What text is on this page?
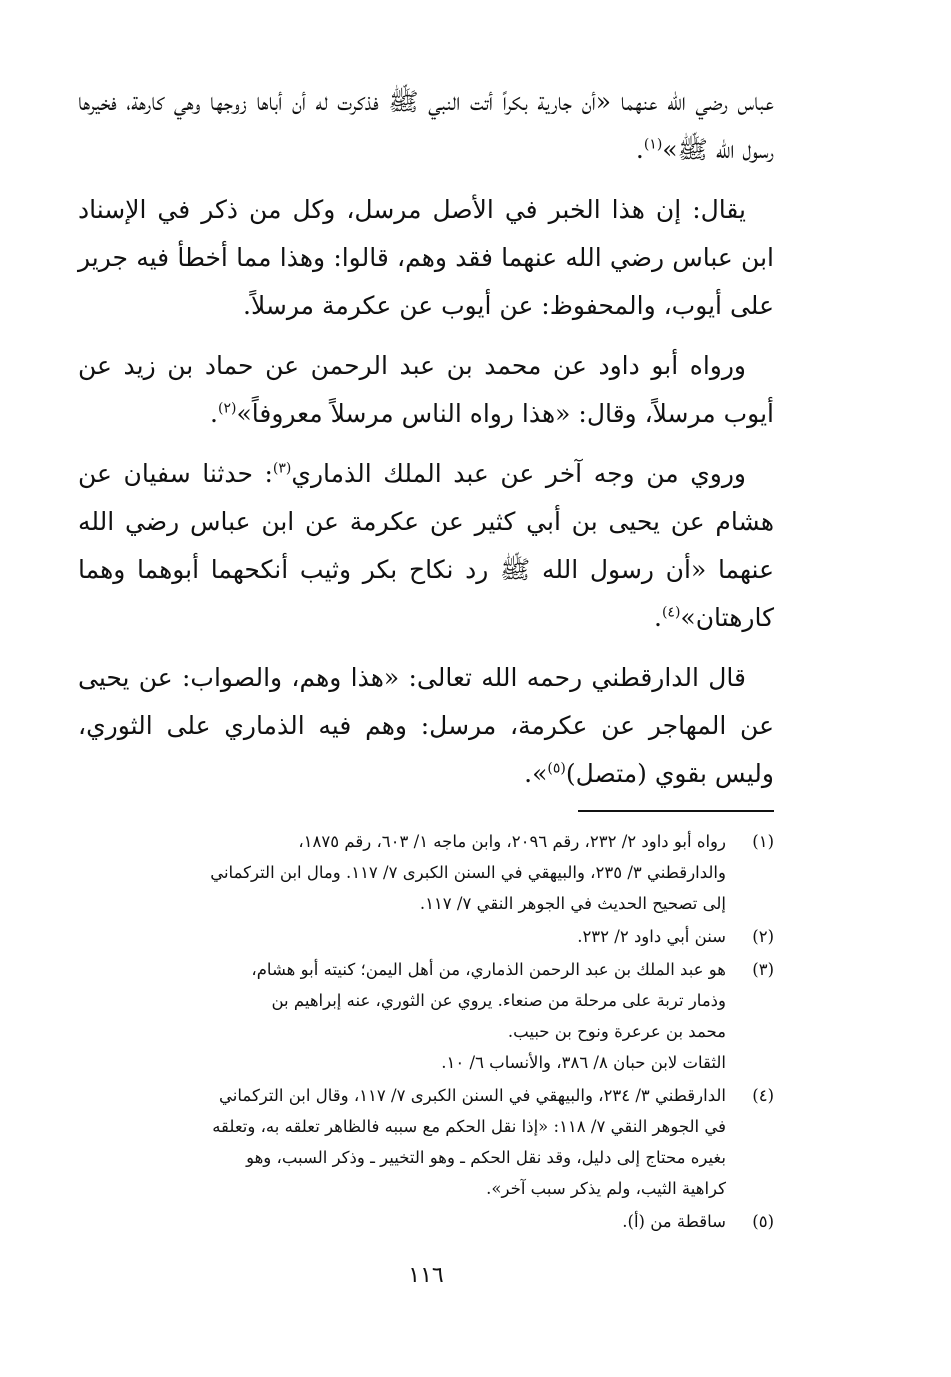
عباس رضي الله عنهما «أن جارية بكراً أتت النبي ﷺ فذكرت له أن أباها زوجها وهي كارهة، فخيرها رسول الله ﷺ»$^{(١)}$.

يقال: إن هذا الخبر في الأصل مرسل، وكل من ذكر في الإسناد ابن عباس رضي الله عنهما فقد وهم، قالوا: وهذا مما أخطأ فيه جرير على أيوب، والمحفوظ: عن أيوب عن عكرمة مرسلاً.

ورواه أبو داود عن محمد بن عبد الرحمن عن حماد بن زيد عن أيوب مرسلاً، وقال: «هذا رواه الناس مرسلاً معروفاً»$^{(٢)}$.

وروي من وجه آخر عن عبد الملك الذماري$^{(٣)}$: حدثنا سفيان عن هشام عن يحيى بن أبي كثير عن عكرمة عن ابن عباس رضي الله عنهما «أن رسول الله ﷺ رد نكاح بكر وثيب أنكحهما أبوهما وهما كارهتان»$^{(٤)}$.

قال الدارقطني رحمه الله تعالى: «هذا وهم، والصواب: عن يحيى عن المهاجر عن عكرمة، مرسل: وهم فيه الذماري على الثوري، وليس بقوي (متصل)$^{(٥)}$».

(١)
رواه أبو داود ٢/ ٢٣٢، رقم ٢٠٩٦، وابن ماجه ١/ ٦٠٣، رقم ١٨٧٥،
والدارقطني ٣/ ٢٣٥، والبيهقي في السنن الكبرى ٧/ ١١٧. ومال ابن التركماني
إلى تصحيح الحديث في الجوهر النقي ٧/ ١١٧.
(٢)
سنن أبي داود ٢/ ٢٣٢.
(٣)
هو عبد الملك بن عبد الرحمن الذماري، من أهل اليمن؛ كنيته أبو هشام،
وذمار تربة على مرحلة من صنعاء. يروي عن الثوري، عنه إبراهيم بن
محمد بن عرعرة ونوح بن حبيب.
الثقات لابن حبان ٨/ ٣٨٦، والأنساب ٦/ ١٠.
(٤)
الدارقطني ٣/ ٢٣٤، والبيهقي في السنن الكبرى ٧/ ١١٧، وقال ابن التركماني
في الجوهر النقي ٧/ ١١٨: «إذا نقل الحكم مع سببه فالظاهر تعلقه به، وتعلقه
بغيره محتاج إلى دليل، وقد نقل الحكم ـ وهو التخيير ـ وذكر السبب، وهو
كراهية الثيب، ولم يذكر سبب آخر».
(٥)
ساقطة من (أ).
١١٦
